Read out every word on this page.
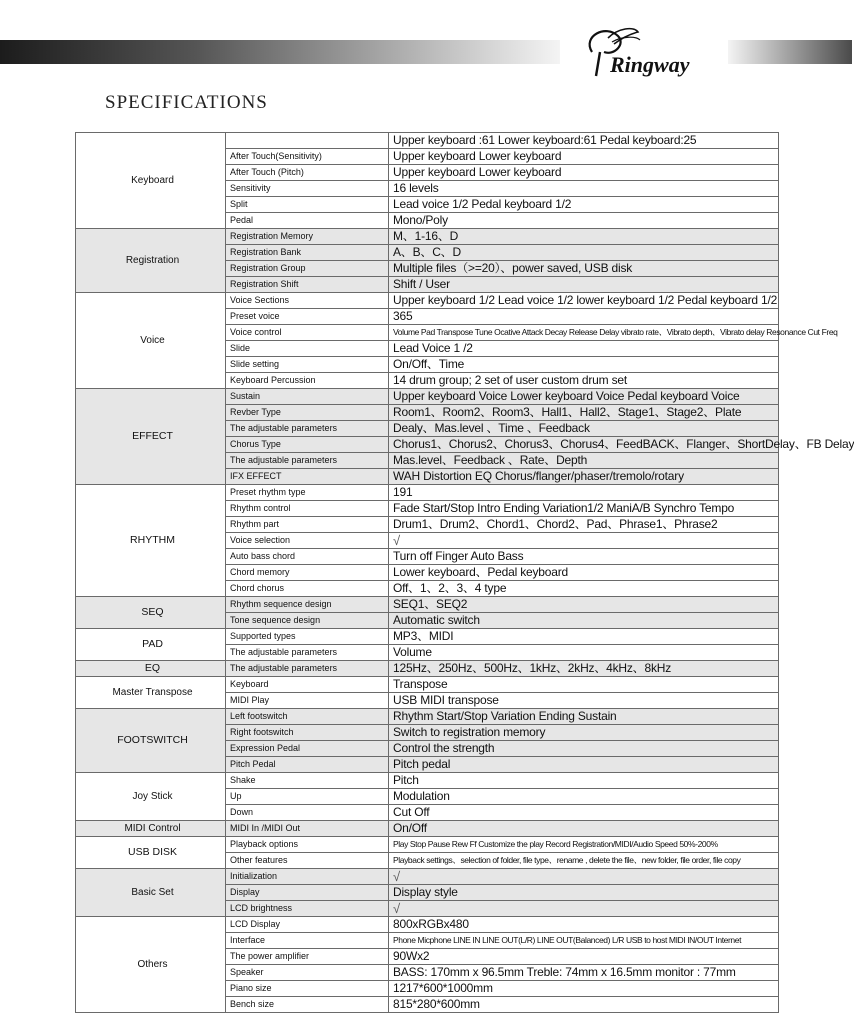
Ringway
SPECIFICATIONS
Keyboard		Upper keyboard :61 Lower keyboard:61 Pedal keyboard:25
	After Touch(Sensitivity)	Upper keyboard Lower keyboard
	After Touch (Pitch)	Upper keyboard Lower keyboard
	Sensitivity	16 levels
	Split	Lead voice 1/2 Pedal keyboard 1/2
	Pedal	Mono/Poly
Registration	Registration Memory	M、1-16、D
	Registration Bank	A、B、C、D
	Registration Group	Multiple files（>=20）、power saved, USB disk
	Registration Shift	Shift / User
Voice	Voice Sections	Upper keyboard 1/2 Lead voice 1/2 lower keyboard 1/2 Pedal keyboard 1/2
	Preset voice	365
	Voice control	Volume Pad Transpose Tune Ocative Attack Decay Release Delay vibrato rate、Vibrato depth、Vibrato delay Resonance Cut Freq
	Slide	Lead Voice 1 /2
	Slide setting	On/Off、Time
	Keyboard Percussion	14 drum group; 2 set of user custom drum set
EFFECT	Sustain	Upper keyboard Voice Lower keyboard Voice Pedal keyboard Voice
	Revber Type	Room1、Room2、Room3、Hall1、Hall2、Stage1、Stage2、Plate
	The adjustable parameters	Dealy、Mas.level 、Time 、Feedback
	Chorus Type	Chorus1、Chorus2、Chorus3、Chorus4、FeedBACK、Flanger、ShortDelay、FB Delay
	The adjustable parameters	Mas.level、Feedback 、Rate、Depth
	IFX EFFECT	WAH Distortion EQ Chorus/flanger/phaser/tremolo/rotary
RHYTHM	Preset rhythm type	191
	Rhythm control	Fade Start/Stop Intro Ending Variation1/2 ManiA/B Synchro Tempo
	Rhythm part	Drum1、Drum2、Chord1、Chord2、Pad、Phrase1、Phrase2
	Voice selection	√
	Auto bass chord	Turn off Finger Auto Bass
	Chord memory	Lower keyboard、Pedal keyboard
	Chord chorus	Off、1、2、3、4 type
SEQ	Rhythm sequence design	SEQ1、SEQ2
	Tone sequence design	Automatic switch
PAD	Supported types	MP3、MIDI
	The adjustable parameters	Volume
EQ	The adjustable parameters	125Hz、250Hz、500Hz、1kHz、2kHz、4kHz、8kHz
Master Transpose	Keyboard	Transpose
	MIDI Play	USB MIDI transpose
FOOTSWITCH	Left footswitch	Rhythm Start/Stop Variation Ending Sustain
	Right footswitch	Switch to registration memory
	Expression Pedal	Control the strength
	Pitch Pedal	Pitch pedal
Joy Stick	Shake	Pitch
	Up	Modulation
	Down	Cut Off
MIDI Control	MIDI In /MIDI Out	On/Off
USB DISK	Playback options	Play Stop Pause Rew Ff Customize the play Record Registration/MIDI/Audio Speed 50%-200%
	Other features	Playback settings、selection of folder, file type、rename , delete the file、new folder, file order, file copy
Basic Set	Initialization	√
	Display	Display style
	LCD brightness	√
Others	LCD Display	800xRGBx480
	Interface	Phone Micphone LINE IN LINE OUT(L/R) LINE OUT(Balanced) L/R USB to host MIDI IN/OUT Internet
	The power amplifier	90Wx2
	Speaker	BASS: 170mm x 96.5mm Treble: 74mm x 16.5mm monitor : 77mm
	Piano size	1217*600*1000mm
	Bench size	815*280*600mm
